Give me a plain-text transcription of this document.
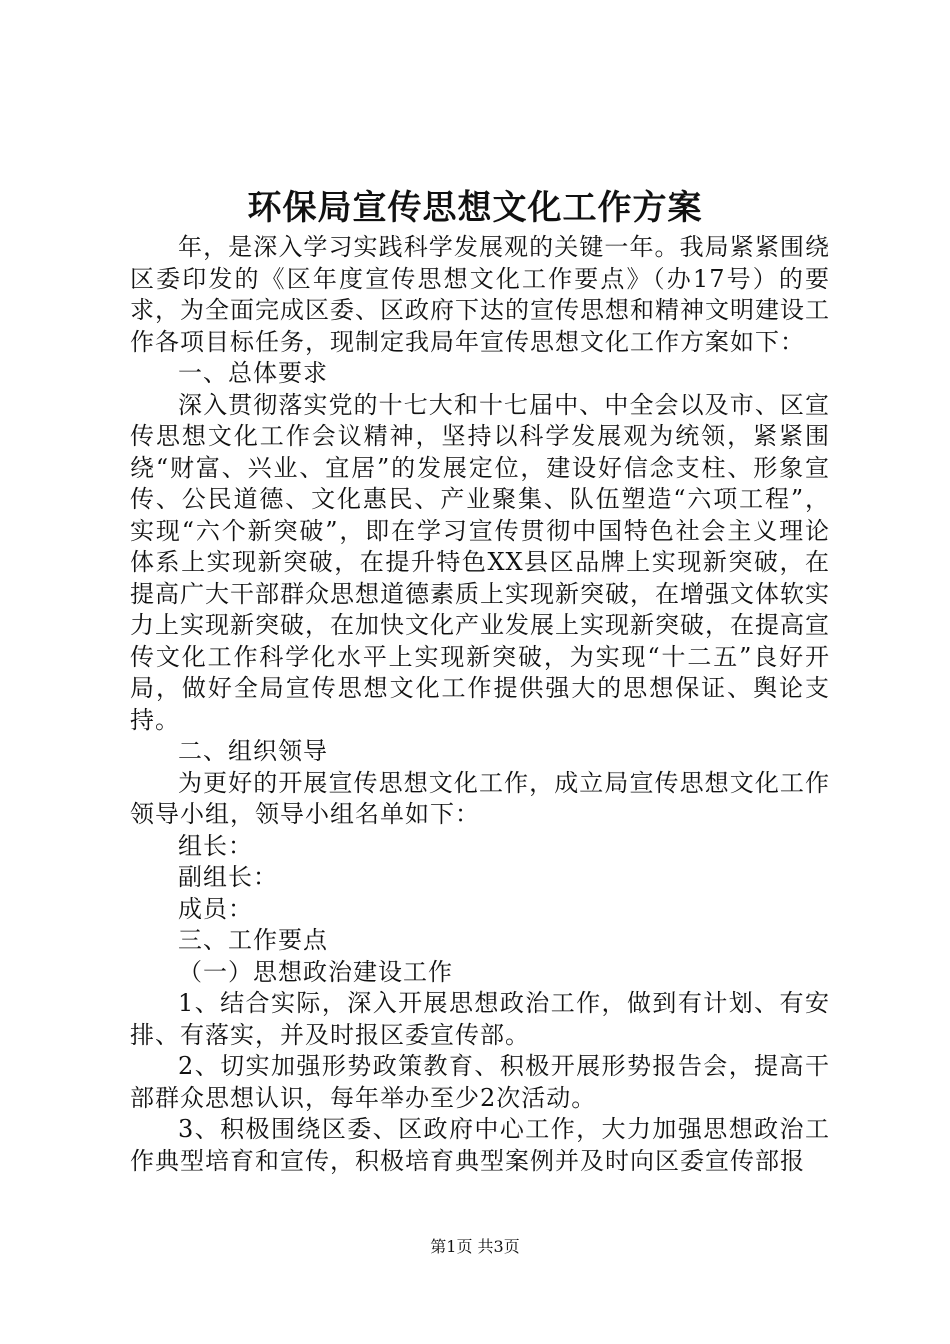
环保局宣传思想文化工作方案

年，是深入学习实践科学发展观的关键一年。我局紧紧围绕区委印发的《区年度宣传思想文化工作要点》（办17号）的要求，为全面完成区委、区政府下达的宣传思想和精神文明建设工作各项目标任务，现制定我局年宣传思想文化工作方案如下：

一、总体要求

深入贯彻落实党的十七大和十七届中、中全会以及市、区宣传思想文化工作会议精神，坚持以科学发展观为统领，紧紧围绕“财富、兴业、宜居”的发展定位，建设好信念支柱、形象宣传、公民道德、文化惠民、产业聚集、队伍塑造“六项工程”，实现“六个新突破”，即在学习宣传贯彻中国特色社会主义理论体系上实现新突破，在提升特色XX县区品牌上实现新突破，在提高广大干部群众思想道德素质上实现新突破，在增强文体软实力上实现新突破，在加快文化产业发展上实现新突破，在提高宣传文化工作科学化水平上实现新突破，为实现“十二五”良好开局，做好全局宣传思想文化工作提供强大的思想保证、舆论支持。

二、组织领导

为更好的开展宣传思想文化工作，成立局宣传思想文化工作领导小组，领导小组名单如下：

组长：

副组长：

成员：

三、工作要点

（一）思想政治建设工作

1、结合实际，深入开展思想政治工作，做到有计划、有安排、有落实，并及时报区委宣传部。

2、切实加强形势政策教育、积极开展形势报告会，提高干部群众思想认识，每年举办至少2次活动。

3、积极围绕区委、区政府中心工作，大力加强思想政治工作典型培育和宣传，积极培育典型案例并及时向区委宣传部报

第1页 共3页
